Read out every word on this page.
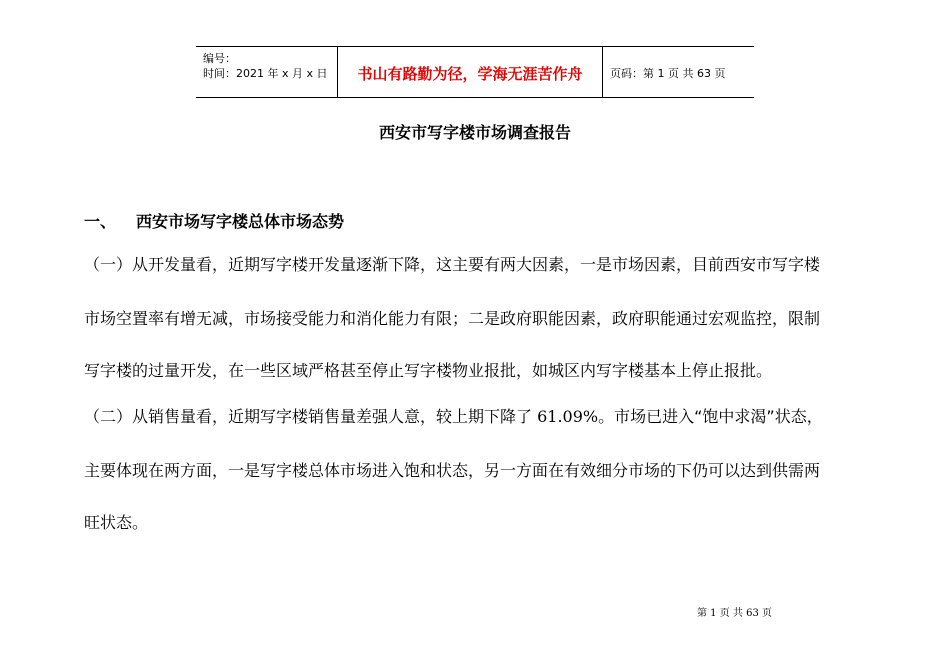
编号：
时间：2021 年 x 月 x 日	书山有路勤为径，学海无涯苦作舟	页码：第 1 页 共 63 页
西安市写字楼市场调查报告
一、 西安市场写字楼总体市场态势
（一）从开发量看，近期写字楼开发量逐渐下降，这主要有两大因素，一是市场因素，目前西安市写字楼
市场空置率有增无减，市场接受能力和消化能力有限；二是政府职能因素，政府职能通过宏观监控，限制
写字楼的过量开发，在一些区域严格甚至停止写字楼物业报批，如城区内写字楼基本上停止报批。
（二）从销售量看，近期写字楼销售量差强人意，较上期下降了 61.09%。市场已进入“饱中求渴”状态，
主要体现在两方面，一是写字楼总体市场进入饱和状态，另一方面在有效细分市场的下仍可以达到供需两
旺状态。
第 1 页 共 63 页
